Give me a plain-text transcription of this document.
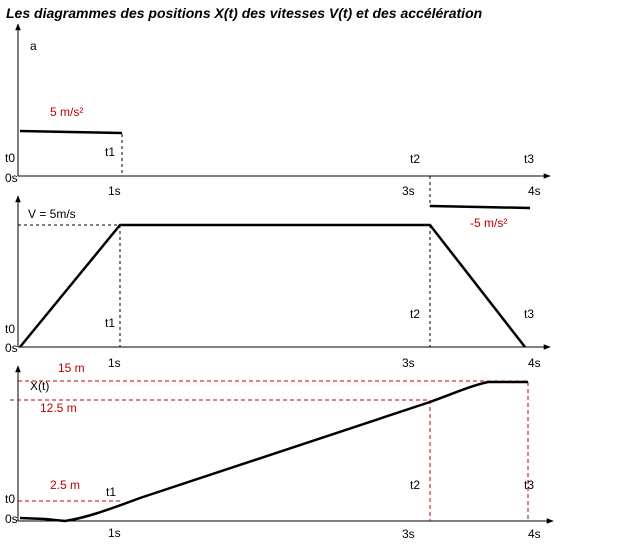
Les diagrammes des positions X(t) des vitesses V(t) et des accélération
a
5 m/s²
-5 m/s²
t0
0s
t1
1s
t2
3s
t3
4s
V = 5m/s
t0
0s
t1
1s
t2
3s
t3
4s
X(t)
15 m
12.5 m
2.5 m
t0
0s
t1
1s
t2
3s
t3
4s
